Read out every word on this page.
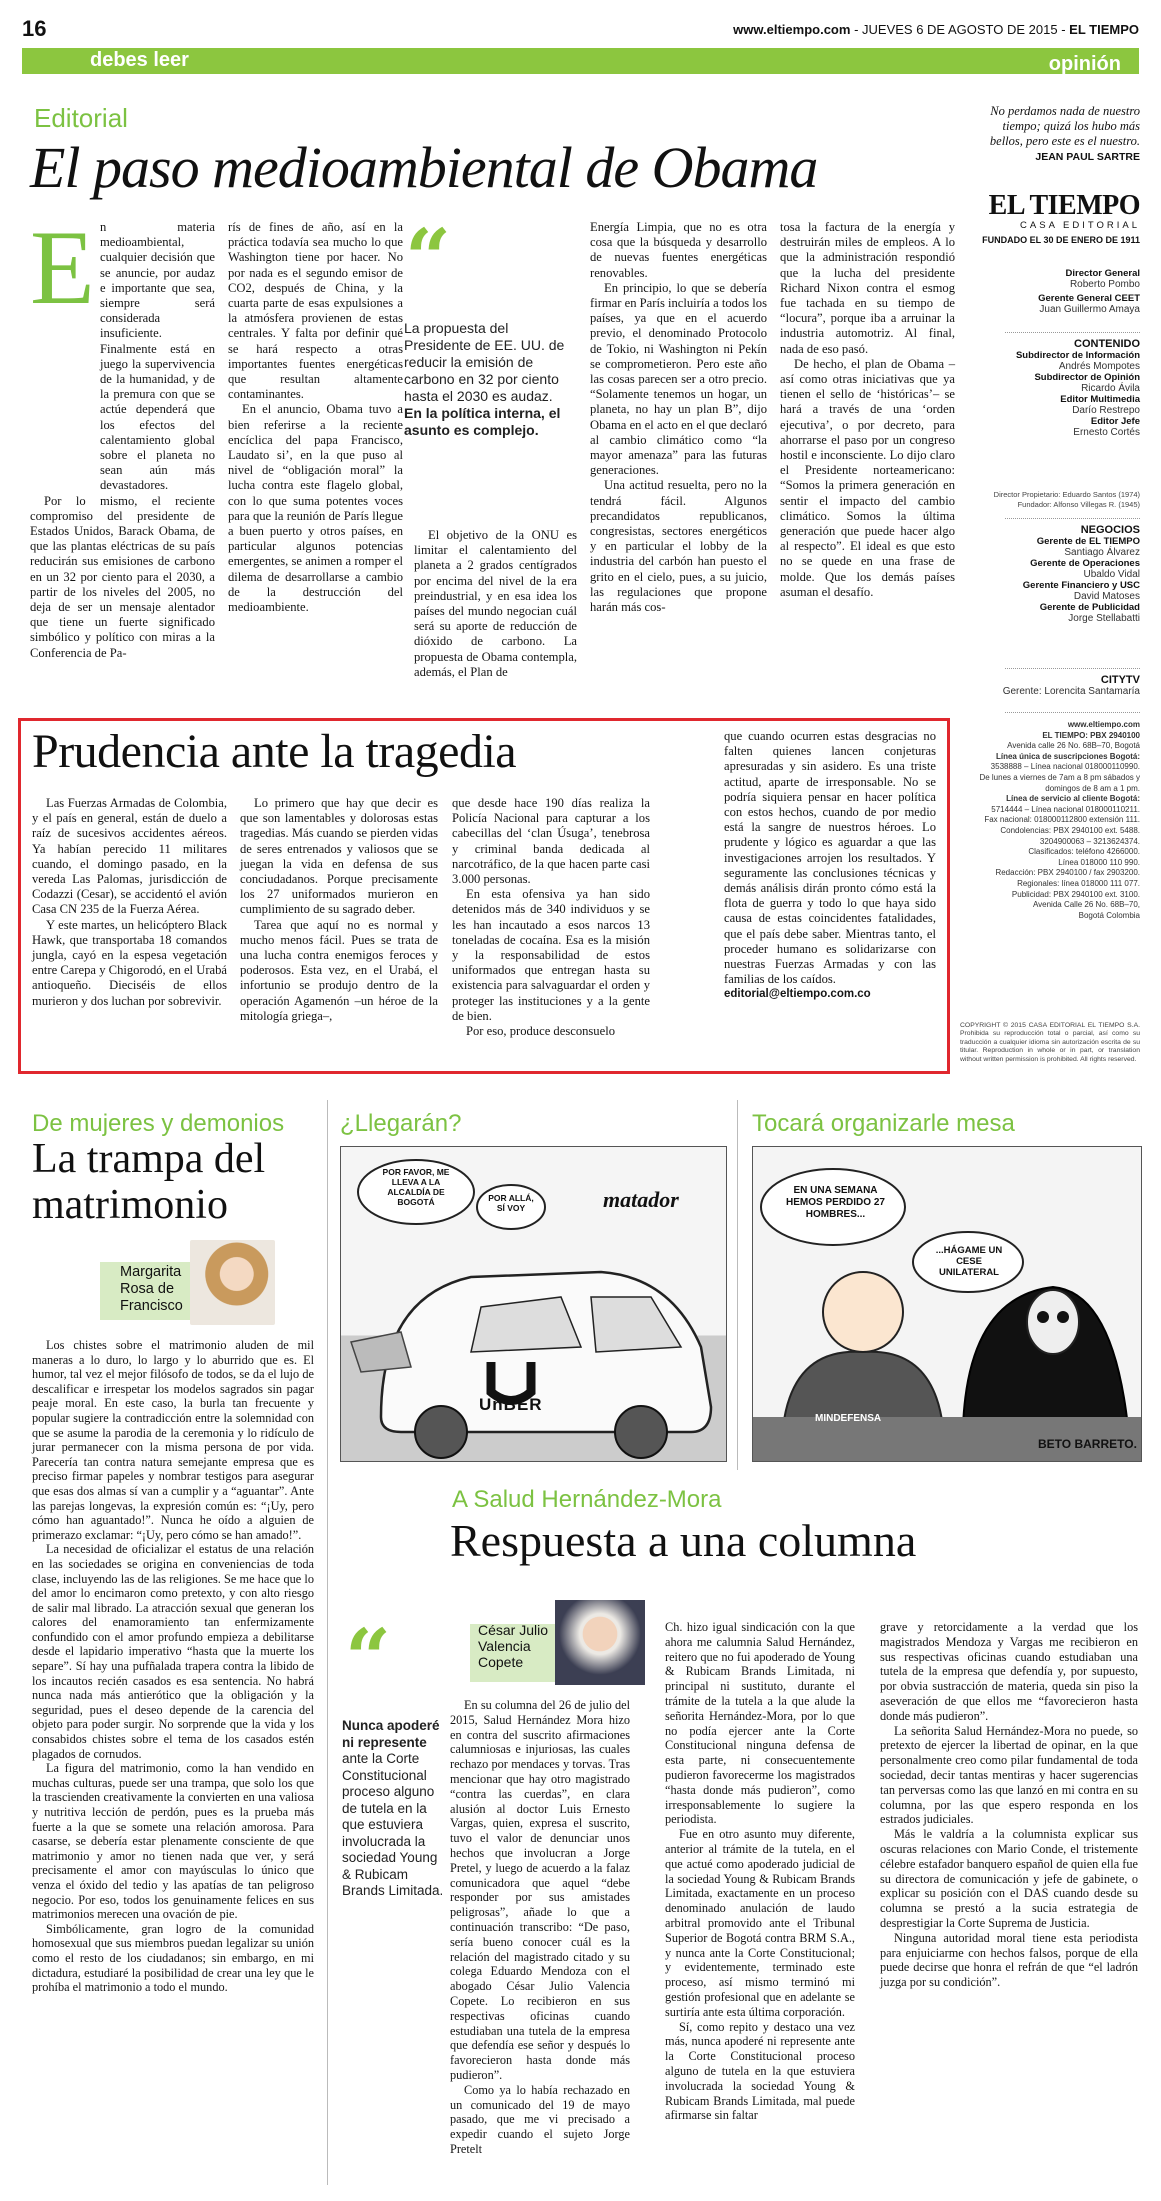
16	www.eltiempo.com - JUEVES 6 DE AGOSTO DE 2015 - EL TIEMPO
debes leer	opinión
Editorial
El paso medioambiental de Obama
E n materia medioambiental, cualquier decisión que se anuncie, por audaz e importante que sea, siempre será considerada insuficiente. Finalmente está en juego la supervivencia de la humanidad, y de la premura con que se actúe dependerá que los efectos del calentamiento global sobre el planeta no sean aún más devastadores.

Por lo mismo, el reciente compromiso del presidente de Estados Unidos, Barack Obama, de que las plantas eléctricas de su país reducirán sus emisiones de carbono en un 32 por ciento para el 2030, a partir de los niveles del 2005, no deja de ser un mensaje alentador que tiene un fuerte significado simbólico y político con miras a la Conferencia de Pa-

rís de fines de año, así en la práctica todavía sea mucho lo que Washington tiene por hacer. No por nada es el segundo emisor de CO2, después de China, y la cuarta parte de esas expulsiones a la atmósfera provienen de estas centrales. Y falta por definir qué se hará respecto a otras importantes fuentes energéticas que resultan altamente contaminantes.

En el anuncio, Obama tuvo a bien referirse a la reciente encíclica del papa Francisco, Laudato si’, en la que puso al nivel de “obligación moral” la lucha contra este flagelo global, con lo que suma potentes voces para que la reunión de París llegue a buen puerto y otros países, en particular algunos potencias emergentes, se animen a romper el dilema de desarrollarse a cambio de la destrucción del medioambiente.

“
La propuesta del Presidente de EE. UU. de reducir la emisión de carbono en 32 por ciento hasta el 2030 es audaz. En la política interna, el asunto es complejo.

El objetivo de la ONU es limitar el calentamiento del planeta a 2 grados centígrados por encima del nivel de la era preindustrial, y en esa idea los países del mundo negocian cuál será su aporte de reducción de dióxido de carbono. La propuesta de Obama contempla, además, el Plan de

Energía Limpia, que no es otra cosa que la búsqueda y desarrollo de nuevas fuentes energéticas renovables.

En principio, lo que se debería firmar en París incluiría a todos los países, ya que en el acuerdo previo, el denominado Protocolo de Tokio, ni Washington ni Pekín se comprometieron. Pero este año las cosas parecen ser a otro precio. “Solamente tenemos un hogar, un planeta, no hay un plan B”, dijo Obama en el acto en el que declaró al cambio climático como “la mayor amenaza” para las futuras generaciones.

Una actitud resuelta, pero no la tendrá fácil. Algunos precandidatos republicanos, congresistas, sectores energéticos y en particular el lobby de la industria del carbón han puesto el grito en el cielo, pues, a su juicio, las regulaciones que propone harán más cos-

tosa la factura de la energía y destruirán miles de empleos. A lo que la administración respondió que la lucha del presidente Richard Nixon contra el esmog fue tachada en su tiempo de “locura”, porque iba a arruinar la industria automotriz. Al final, nada de eso pasó.

De hecho, el plan de Obama –así como otras iniciativas que ya tienen el sello de ‘históricas’– se hará a través de una ‘orden ejecutiva’, o por decreto, para ahorrarse el paso por un congreso hostil e inconsciente. Lo dijo claro el Presidente norteamericano: “Somos la primera generación en sentir el impacto del cambio climático. Somos la última generación que puede hacer algo al respecto”. El ideal es que esto no se quede en una frase de molde. Que los demás países asuman el desafío.

No perdamos nada de nuestro tiempo; quizá los hubo más bellos, pero este es el nuestro.
JEAN PAUL SARTRE
EL TIEMPO
CASA EDITORIAL
FUNDADO EL 30 DE ENERO DE 1911
Director General
Roberto Pombo
Gerente General CEET
Juan Guillermo Amaya
CONTENIDO
Subdirector de Información
Andrés Mompotes
Subdirector de Opinión
Ricardo Ávila
Editor Multimedia
Darío Restrepo
Editor Jefe
Ernesto Cortés
Director Propietario: Eduardo Santos (1974) Fundador: Alfonso Villegas R. (1945)
NEGOCIOS
Gerente de EL TIEMPO
Santiago Álvarez
Gerente de Operaciones
Ubaldo Vidal
Gerente Financiero y USC
David Matoses
Gerente de Publicidad
Jorge Stellabatti
CITYTV
Gerente: Lorencita Santamaría
www.eltiempo.com
EL TIEMPO: PBX 2940100
Avenida calle 26 No. 68B–70, Bogotá
Línea única de suscripciones Bogotá:
3538888 – Línea nacional 018000110990.
De lunes a viernes de 7am a 8 pm sábados y domingos de 8 am a 1 pm.
Línea de servicio al cliente Bogotá:
5714444 – Línea nacional 018000110211.
Fax nacional: 018000112800 extensión 111.
Condolencias: PBX 2940100 ext. 5488.
3204900063 – 3213624374.
Clasificados: teléfono 4266000.
Línea 018000 110 990.
Redacción: PBX 2940100 / fax 2903200.
Regionales: línea 018000 111 077.
Publicidad: PBX 2940100 ext. 3100.
Avenida Calle 26 No. 68B–70,
Bogotá Colombia
COPYRIGHT © 2015 CASA EDITORIAL EL TIEMPO S.A. Prohibida su reproducción total o parcial, así como su traducción a cualquier idioma sin autorización escrita de su titular. Reproduction in whole or in part, or translation without written permission is prohibited. All rights reserved.
Prudencia ante la tragedia

Las Fuerzas Armadas de Colombia, y el país en general, están de duelo a raíz de sucesivos accidentes aéreos. Ya habían perecido 11 militares cuando, el domingo pasado, en la vereda Las Palomas, jurisdicción de Codazzi (Cesar), se accidentó el avión Casa CN 235 de la Fuerza Aérea.

Y este martes, un helicóptero Black Hawk, que transportaba 18 comandos jungla, cayó en la espesa vegetación entre Carepa y Chigorodó, en el Urabá antioqueño. Dieciséis de ellos murieron y dos luchan por sobrevivir.

Lo primero que hay que decir es que son lamentables y dolorosas estas tragedias. Más cuando se pierden vidas de seres entrenados y valiosos que se juegan la vida en defensa de sus conciudadanos. Porque precisamente los 27 uniformados murieron en cumplimiento de su sagrado deber.

Tarea que aquí no es normal y mucho menos fácil. Pues se trata de una lucha contra enemigos feroces y poderosos. Esta vez, en el Urabá, el infortunio se produjo dentro de la operación Agamenón –un héroe de la mitología griega–,

que desde hace 190 días realiza la Policía Nacional para capturar a los cabecillas del ‘clan Úsuga’, tenebrosa y criminal banda dedicada al narcotráfico, de la que hacen parte casi 3.000 personas.

En esta ofensiva ya han sido detenidos más de 340 individuos y se les han incautado a esos narcos 13 toneladas de cocaína. Esa es la misión y la responsabilidad de estos uniformados que entregan hasta su existencia para salvaguardar el orden y proteger las instituciones y a la gente de bien.

Por eso, produce desconsuelo

que cuando ocurren estas desgracias no falten quienes lancen conjeturas apresuradas y sin asidero. Es una triste actitud, aparte de irresponsable. No se podría siquiera pensar en hacer política con estos hechos, cuando de por medio está la sangre de nuestros héroes. Lo prudente y lógico es aguardar a que las investigaciones arrojen los resultados. Y seguramente las conclusiones técnicas y demás análisis dirán pronto cómo está la flota de guerra y todo lo que haya sido causa de estas coincidentes fatalidades, que el país debe saber. Mientras tanto, el proceder humano es solidarizarse con nuestras Fuerzas Armadas y con las familias de los caídos.

editorial@eltiempo.com.co

De mujeres y demonios
La trampa del matrimonio
Margarita Rosa de Francisco

Los chistes sobre el matrimonio aluden de mil maneras a lo duro, lo largo y lo aburrido que es. El humor, tal vez el mejor filósofo de todos, se da el lujo de descalificar e irrespetar los modelos sagrados sin pagar peaje moral. En este caso, la burla tan frecuente y popular sugiere la contradicción entre la solemnidad con que se asume la parodia de la ceremonia y lo ridículo de jurar permanecer con la misma persona de por vida. Parecería tan contra natura semejante empresa que es preciso firmar papeles y nombrar testigos para asegurar que esas dos almas sí van a cumplir y a “aguantar”. Ante las parejas longevas, la expresión común es: “¡Uy, pero cómo han aguantado!”. Nunca he oído a alguien de primerazo exclamar: “¡Uy, pero cómo se han amado!”.

La necesidad de oficializar el estatus de una relación en las sociedades se origina en conveniencias de toda clase, incluyendo las de las religiones. Se me hace que lo del amor lo encimaron como pretexto, y con alto riesgo de salir mal librado. La atracción sexual que generan los calores del enamoramiento tan enfermizamente confundido con el amor profundo empieza a debilitarse desde el lapidario imperativo “hasta que la muerte los separe”. Sí hay una pufñalada trapera contra la libido de los incautos recién casados es esa sentencia. No habrá nunca nada más antierótico que la obligación y la seguridad, pues el deseo depende de la carencia del objeto para poder surgir. No sorprende que la vida y los consabidos chistes sobre el tema de los casados estén plagados de cornudos.

La figura del matrimonio, como la han vendido en muchas culturas, puede ser una trampa, que solo los que la trascienden creativamente la convierten en una valiosa y nutritiva lección de perdón, pues es la prueba más fuerte a la que se somete una relación amorosa. Para casarse, se debería estar plenamente consciente de que matrimonio y amor no tienen nada que ver, y será precisamente el amor con mayúsculas lo único que venza el óxido del tedio y las apatías de tan peligroso negocio. Por eso, todos los genuinamente felices en sus matrimonios merecen una ovación de pie.

Simbólicamente, gran logro de la comunidad homosexual que sus miembros puedan legalizar su unión como el resto de los ciudadanos; sin embargo, en mi dictadura, estudiaré la posibilidad de crear una ley que le prohíba el matrimonio a todo el mundo.

¿Llegarán?
POR FAVOR, ME LLEVA A LA ALCALDÍA DE BOGOTÁ	POR ALLÁ, SÍ VOY	matador
UnBER
Tocará organizarle mesa
EN UNA SEMANA HEMOS PERDIDO 27 HOMBRES...
...HÁGAME UN CESE UNILATERAL
MINDEFENSA
BETO BARRETO.
A Salud Hernández-Mora
Respuesta a una columna
César Julio Valencia Copete
“
Nunca apoderé ni represente ante la Corte Constitucional proceso alguno de tutela en la que estuviera involucrada la sociedad Young & Rubicam Brands Limitada.

En su columna del 26 de julio del 2015, Salud Hernández Mora hizo en contra del suscrito afirmaciones calumniosas e injuriosas, las cuales rechazo por mendaces y torvas. Tras mencionar que hay otro magistrado “contra las cuerdas”, en clara alusión al doctor Luis Ernesto Vargas, quien, expresa el suscrito, tuvo el valor de denunciar unos hechos que involucran a Jorge Pretel, y luego de acuerdo a la falaz comunicadora que aquel “debe responder por sus amistades peligrosas”, añade lo que a continuación transcribo: “De paso, sería bueno conocer cuál es la relación del magistrado citado y su colega Eduardo Mendoza con el abogado César Julio Valencia Copete. Lo recibieron en sus respectivas oficinas cuando estudiaban una tutela de la empresa que defendía ese señor y después lo favorecieron hasta donde más pudieron”.

Como ya lo había rechazado en un comunicado del 19 de mayo pasado, que me vi precisado a expedir cuando el sujeto Jorge Pretelt

Ch. hizo igual sindicación con la que ahora me calumnia Salud Hernández, reitero que no fui apoderado de Young & Rubicam Brands Limitada, ni principal ni sustituto, durante el trámite de la tutela a la que alude la señorita Hernández-Mora, por lo que no podía ejercer ante la Corte Constitucional ninguna defensa de esta parte, ni consecuentemente pudieron favorecerme los magistrados “hasta donde más pudieron”, como irresponsablemente lo sugiere la periodista.

Fue en otro asunto muy diferente, anterior al trámite de la tutela, en el que actué como apoderado judicial de la sociedad Young & Rubicam Brands Limitada, exactamente en un proceso denominado anulación de laudo arbitral promovido ante el Tribunal Superior de Bogotá contra BRM S.A., y nunca ante la Corte Constitucional; y evidentemente, terminado este proceso, así mismo terminó mi gestión profesional que en adelante se surtiría ante esta última corporación.

Sí, como repito y destaco una vez más, nunca apoderé ni represente ante la Corte Constitucional proceso alguno de tutela en la que estuviera involucrada la sociedad Young & Rubicam Brands Limitada, mal puede afirmarse sin faltar

grave y retorcidamente a la verdad que los magistrados Mendoza y Vargas me recibieron en sus respectivas oficinas cuando estudiaban una tutela de la empresa que defendía y, por supuesto, por obvia sustracción de materia, queda sin piso la aseveración de que ellos me “favorecieron hasta donde más pudieron”.

La señorita Salud Hernández-Mora no puede, so pretexto de ejercer la libertad de opinar, en la que personalmente creo como pilar fundamental de toda sociedad, decir tantas mentiras y hacer sugerencias tan perversas como las que lanzó en mi contra en su columna, por las que espero responda en los estrados judiciales.

Más le valdría a la columnista explicar sus oscuras relaciones con Mario Conde, el tristemente célebre estafador banquero español de quien ella fue su directora de comunicación y jefe de gabinete, o explicar su posición con el DAS cuando desde su columna se prestó a la sucia estrategia de desprestigiar la Corte Suprema de Justicia.

Ninguna autoridad moral tiene esta periodista para enjuiciarme con hechos falsos, porque de ella puede decirse que honra el refrán de que “el ladrón juzga por su condición”.
